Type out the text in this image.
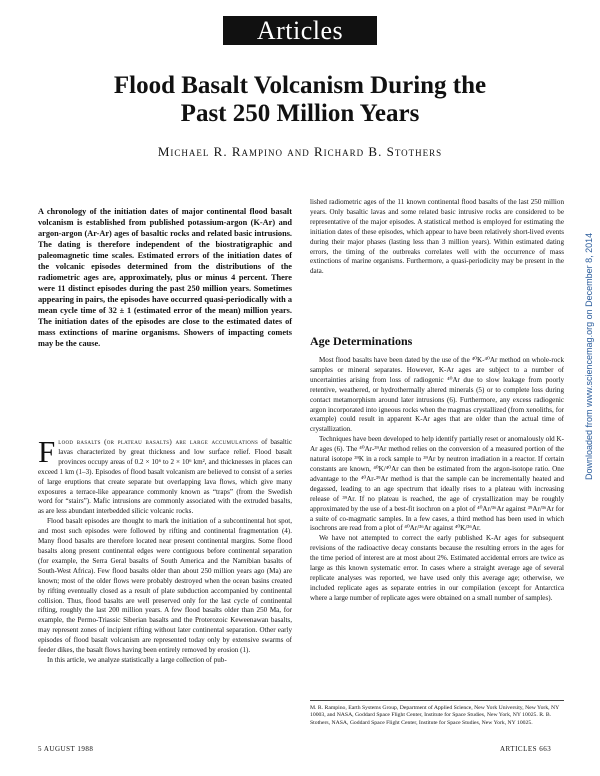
Articles
Flood Basalt Volcanism During the
Past 250 Million Years
Michael R. Rampino and Richard B. Stothers

A chronology of the initiation dates of major continental flood basalt volcanism is established from published potassium-argon (K-Ar) and argon-argon (Ar-Ar) ages of basaltic rocks and related basic intrusions. The dating is therefore independent of the biostratigraphic and paleomagnetic time scales. Estimated errors of the initiation dates of the volcanic episodes determined from the distributions of the radiometric ages are, approximately, plus or minus 4 percent. There were 11 distinct episodes during the past 250 million years. Sometimes appearing in pairs, the episodes have occurred quasi-periodically with a mean cycle time of 32 ± 1 (estimated error of the mean) million years. The initiation dates of the episodes are close to the estimated dates of mass extinctions of marine organisms. Showers of impacting comets may be the cause.

Flood basalts (or plateau basalts) are large accumulations of basaltic lavas characterized by great thickness and low surface relief. Flood basalt provinces occupy areas of 0.2 × 10⁶ to 2 × 10⁶ km², and thicknesses in places can exceed 1 km (1–3). Episodes of flood basalt volcanism are believed to consist of a series of large eruptions that create separate but overlapping lava flows, which give many exposures a terrace-like appearance commonly known as “traps” (from the Swedish word for “stairs”). Mafic intrusions are commonly associated with the extruded basalts, as are less abundant interbedded silicic volcanic rocks.

Flood basalt episodes are thought to mark the initiation of a subcontinental hot spot, and most such episodes were followed by rifting and continental fragmentation (4). Many flood basalts are therefore located near present continental margins. Some flood basalts along present continental edges were contiguous before continental separation (for example, the Serra Geral basalts of South America and the Namibian basalts of South-West Africa). Few flood basalts older than about 250 million years ago (Ma) are known; most of the older flows were probably destroyed when the ocean basins created by rifting eventually closed as a result of plate subduction accompanied by continental collision. Thus, flood basalts are well preserved only for the last cycle of continental rifting, roughly the last 200 million years. A few flood basalts older than 250 Ma, for example, the Permo-Triassic Siberian basalts and the Proterozoic Keweenawan basalts, may represent zones of incipient rifting without later continental separation. Other early episodes of flood basalt volcanism are represented today only by extensive swarms of feeder dikes, the basalt flows having been entirely removed by erosion (1).

In this article, we analyze statistically a large collection of pub-

lished radiometric ages of the 11 known continental flood basalts of the last 250 million years. Only basaltic lavas and some related basic intrusive rocks are considered to be representative of the major episodes. A statistical method is employed for estimating the initiation dates of these episodes, which appear to have been relatively short-lived events during their major phases (lasting less than 3 million years). Within estimated dating errors, the timing of the outbreaks correlates well with the occurrence of mass extinctions of marine organisms. Furthermore, a quasi-periodicity may be present in the data.

Age Determinations

Most flood basalts have been dated by the use of the ⁴⁰K-⁴⁰Ar method on whole-rock samples or mineral separates. However, K-Ar ages are subject to a number of uncertainties arising from loss of radiogenic ⁴⁰Ar due to slow leakage from poorly retentive, weathered, or hydrothermally altered minerals (5) or to complete loss during contact metamorphism around later intrusions (6). Furthermore, any excess radiogenic argon incorporated into igneous rocks when the magmas crystallized (from xenoliths, for example) could result in apparent K-Ar ages that are older than the actual time of crystallization.

Techniques have been developed to help identify partially reset or anomalously old K-Ar ages (6). The ⁴⁰Ar-³⁹Ar method relies on the conversion of a measured portion of the natural isotope ³⁹K in a rock sample to ³⁹Ar by neutron irradiation in a reactor. If certain constants are known, ⁴⁰K/⁴⁰Ar can then be estimated from the argon-isotope ratio. One advantage to the ⁴⁰Ar-³⁹Ar method is that the sample can be incrementally heated and degassed, leading to an age spectrum that ideally rises to a plateau with increasing release of ³⁹Ar. If no plateau is reached, the age of crystallization may be roughly approximated by the use of a best-fit isochron on a plot of ⁴⁰Ar/³⁶Ar against ³⁹Ar/³⁶Ar for a suite of co-magmatic samples. In a few cases, a third method has been used in which isochrons are read from a plot of ⁴⁰Ar/³⁶Ar against ⁴⁰K/³⁶Ar.

We have not attempted to correct the early published K-Ar ages for subsequent revisions of the radioactive decay constants because the resulting errors in the ages for the time period of interest are at most about 2%. Estimated accidental errors are twice as large as this known systematic error. In cases where a straight average age of several replicate analyses was reported, we have used only this average age; otherwise, we included replicate ages as separate entries in our compilation (except for Antarctica where a large number of replicate ages were obtained on a small number of samples).

M. R. Rampino, Earth Systems Group, Department of Applied Science, New York University, New York, NY 10003, and NASA, Goddard Space Flight Center, Institute for Space Studies, New York, NY 10025. R. B. Stothers, NASA, Goddard Space Flight Center, Institute for Space Studies, New York, NY 10025.
5 AUGUST 1988	ARTICLES 663
Downloaded from www.sciencemag.org on December 8, 2014
